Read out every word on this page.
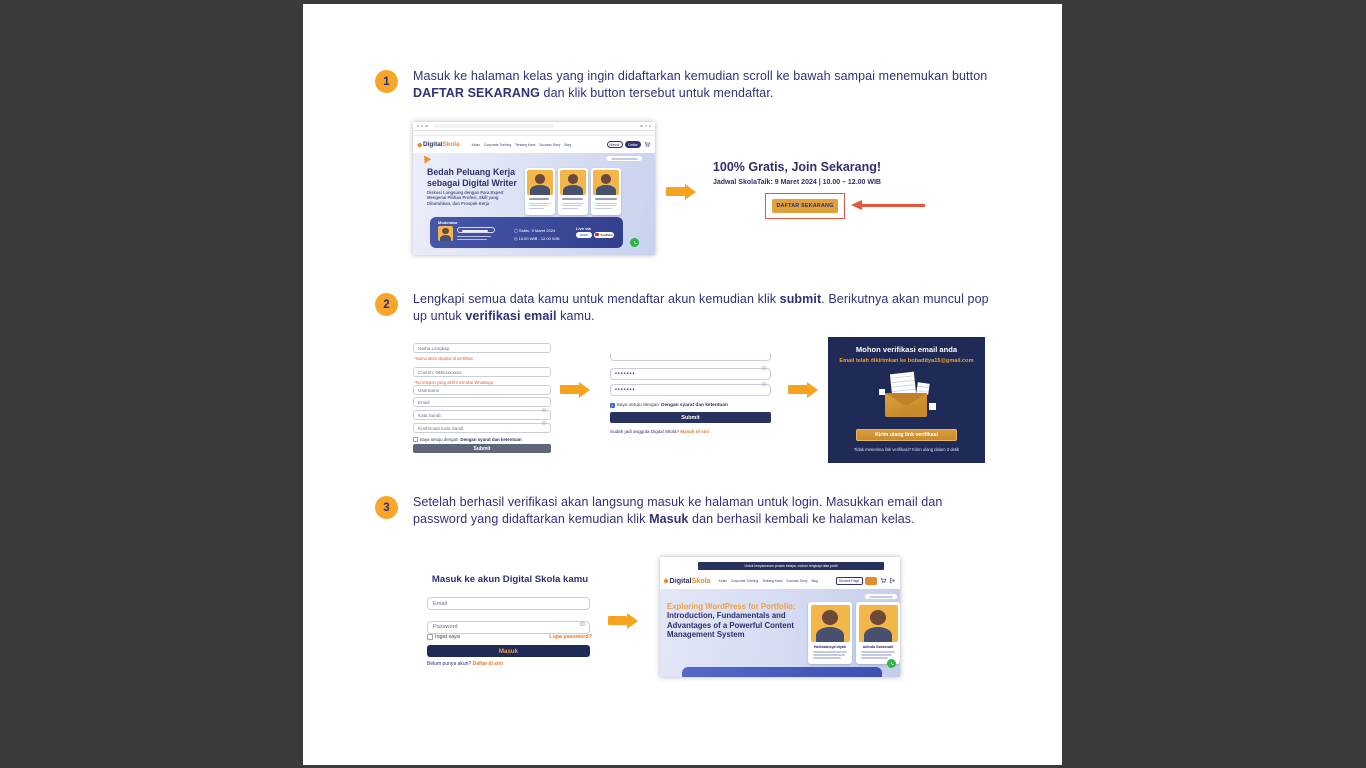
1 Masuk ke halaman kelas yang ingin didaftarkan kemudian scroll ke bawah sampai menemukan button DAFTAR SEKARANG dan klik button tersebut untuk mendaftar.
DigitalSkola	Kelas Corporate Training Tentang Kami Success Story Blog	Masuk	Daftar
Bedah Peluang Kerja sebagai Digital Writer
Diskusi Langsung dengan Para Expert Mengenai Pilihan Profesi, Skill yang Dibutuhkan, dan Prospek Kerja
Moderator
▢ Sabtu, 9 Maret 2024
◷ 10.00 WIB - 12.00 WIB
Live via
zoom	YouTube
100% Gratis, Join Sekarang!
Jadwal SkolaTalk: 9 Maret 2024 | 10.00 – 12.00 WIB
DAFTAR SEKARANG
2 Lengkapi semua data kamu untuk mendaftar akun kemudian klik submit. Berikutnya akan muncul pop up untuk verifikasi email kamu.
Nama Lengkap
*Nama akan dipakai di sertifikat
Contoh: 085xxxxxxxx
*No telepon yang aktif memakai Whatsapp
Username
Email
Kata Sandi
Konfirmasi Kata Sandi
Saya setuju dengan Dengan syarat dan ketentuan
Submit
•••••••
•••••••
✓ Saya setuju dengan Dengan syarat dan ketentuan
Submit
Sudah jadi anggota Digital Skola? Masuk di sini
Mohon verifikasi email anda
Email telah dikirimkan ke bobaditya15@gmail.com
Kirim ulang link verifikasi
Tidak menerima link verifikasi? Kirim ulang dalam 3 detik
3 Setelah berhasil verifikasi akan langsung masuk ke halaman untuk login. Masukkan email dan password yang didaftarkan kemudian klik Masuk dan berhasil kembali ke halaman kelas.
Masuk ke akun Digital Skola kamu
Email
Password
Ingat saya	Lupa password?
Masuk
Belum punya akun? Daftar di sini
Untuk kenyamanan proses belajar, mohon lengkapi data profil
DigitalSkola Kelas Corporate Training Tentang Kami Success Story Blog	Student Page
Exploring WordPress for Portfolio: Introduction, Fundamentals and Advantages of a Powerful Content Management System
Halimatusya'diyah	Adinda Saraswati
